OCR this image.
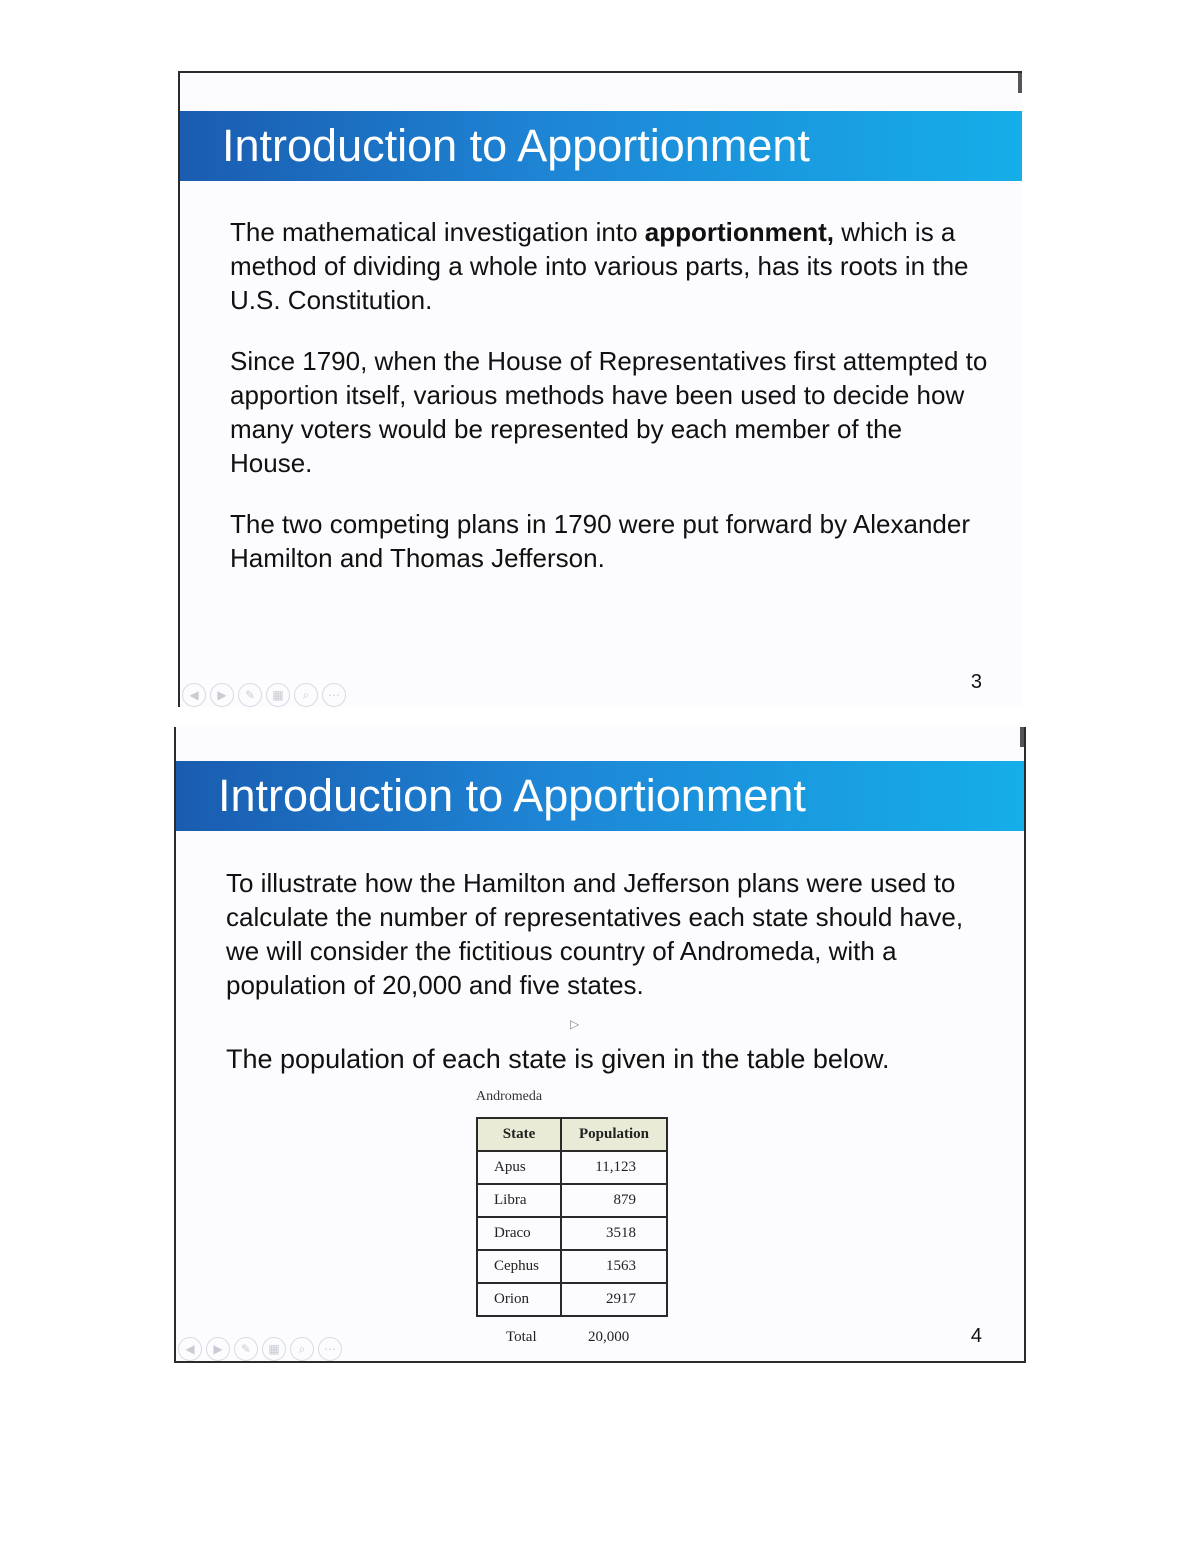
Introduction to Apportionment

The mathematical investigation into apportionment, which is a method of dividing a whole into various parts, has its roots in the U.S. Constitution.

Since 1790, when the House of Representatives first attempted to apportion itself, various methods have been used to decide how many voters would be represented by each member of the House.

The two competing plans in 1790 were put forward by Alexander Hamilton and Thomas Jefferson.

◀	▶	✎	▦	⌕	⋯
3
Introduction to Apportionment

To illustrate how the Hamilton and Jefferson plans were used to calculate the number of representatives each state should have, we will consider the fictitious country of Andromeda, with a population of 20,000 and five states.

The population of each state is given in the table below.

▷
Andromeda
State	Population
Apus	11,123
Libra	879
Draco	3518
Cephus	1563
Orion	2917
Total	20,000
◀	▶	✎	▦	⌕	⋯
4
